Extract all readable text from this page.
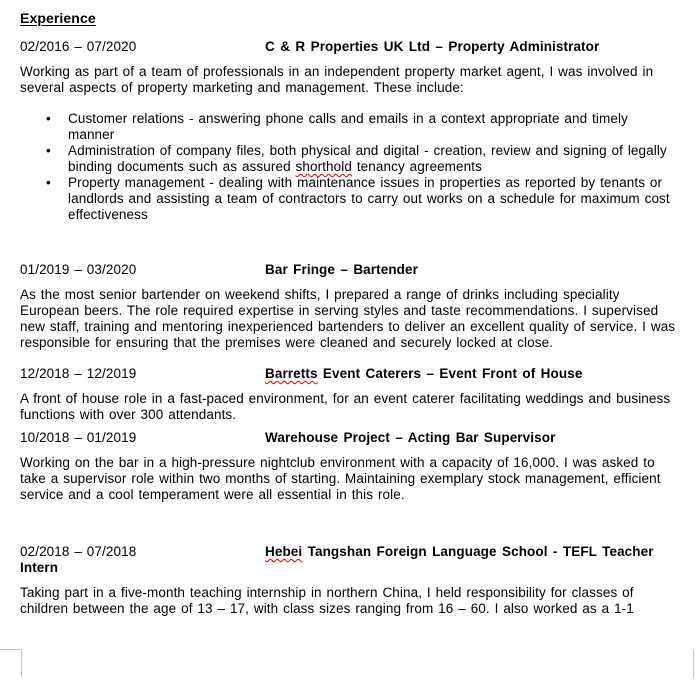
Experience

02/2016 – 07/2020	C & R Properties UK Ltd – Property Administrator

Working as part of a team of professionals in an independent property market agent, I was involved in several aspects of property marketing and management. These include:

• Customer relations - answering phone calls and emails in a context appropriate and timely manner
• Administration of company files, both physical and digital - creation, review and signing of legally binding documents such as assured shorthold tenancy agreements
• Property management - dealing with maintenance issues in properties as reported by tenants or landlords and assisting a team of contractors to carry out works on a schedule for maximum cost effectiveness

01/2019 – 03/2020	Bar Fringe – Bartender

As the most senior bartender on weekend shifts, I prepared a range of drinks including speciality European beers. The role required expertise in serving styles and taste recommendations. I supervised new staff, training and mentoring inexperienced bartenders to deliver an excellent quality of service. I was responsible for ensuring that the premises were cleaned and securely locked at close.

12/2018 – 12/2019	Barretts Event Caterers – Event Front of House

A front of house role in a fast-paced environment, for an event caterer facilitating weddings and business functions with over 300 attendants.

10/2018 – 01/2019	Warehouse Project – Acting Bar Supervisor

Working on the bar in a high-pressure nightclub environment with a capacity of 16,000. I was asked to take a supervisor role within two months of starting. Maintaining exemplary stock management, efficient service and a cool temperament were all essential in this role.

02/2018 – 07/2018	Hebei Tangshan Foreign Language School - TEFL Teacher
Intern

Taking part in a five-month teaching internship in northern China, I held responsibility for classes of children between the age of 13 – 17, with class sizes ranging from 16 – 60. I also worked as a 1-1
